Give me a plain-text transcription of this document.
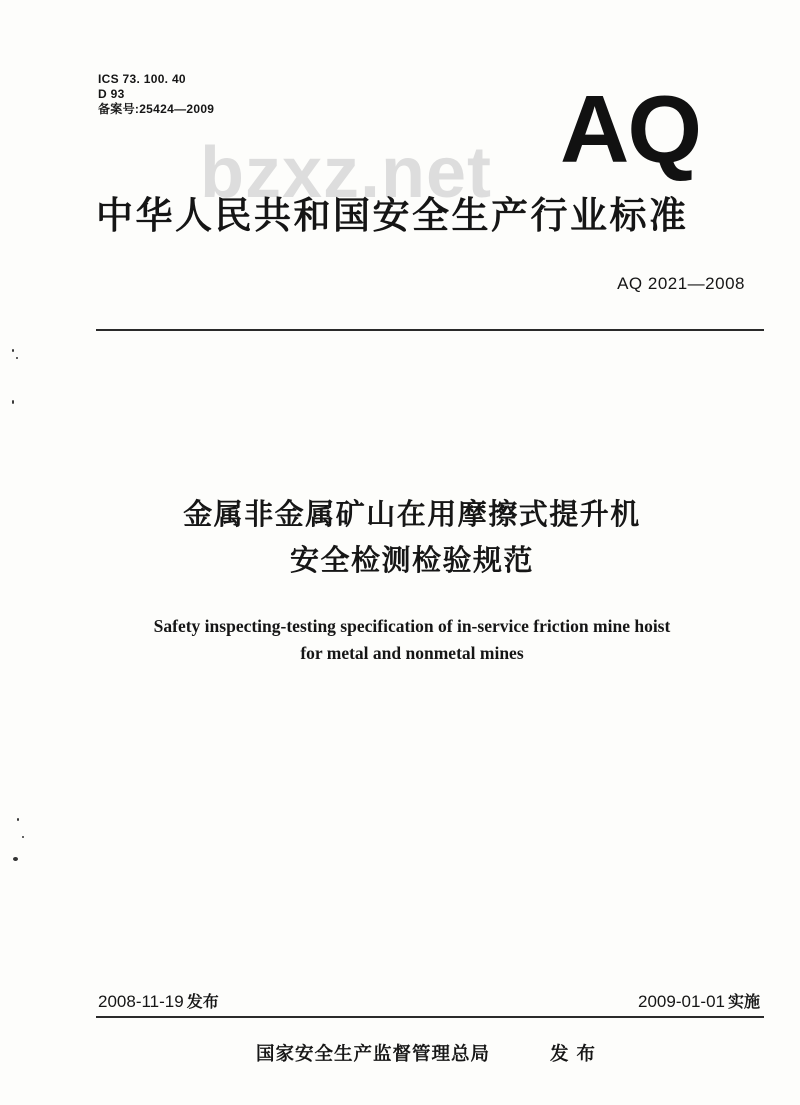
ICS 73. 100. 40
D 93
备案号:25424—2009
bzxz.net AQ
中华人民共和国安全生产行业标准
AQ 2021—2008
金属非金属矿山在用摩擦式提升机
安全检测检验规范
Safety inspecting-testing specification of in-service friction mine hoist
for metal and nonmetal mines
2008-11-19 发布	2009-01-01 实施
国家安全生产监督管理总局	发布
